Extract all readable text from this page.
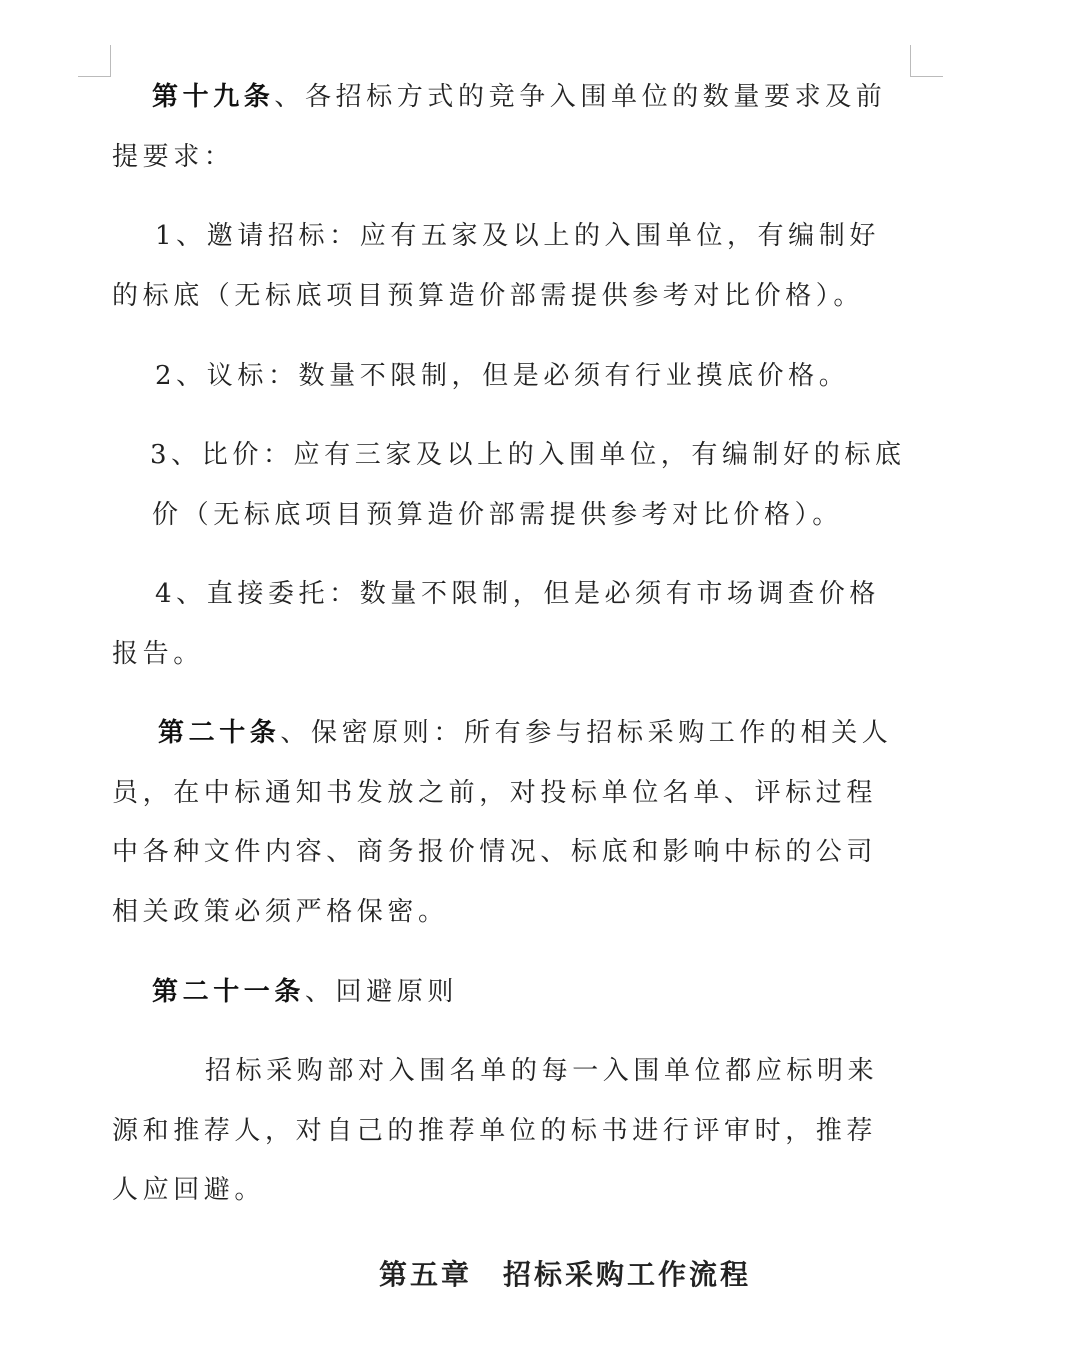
第十九条、各招标方式的竞争入围单位的数量要求及前
提要求：
1、邀请招标：应有五家及以上的入围单位，有编制好
的标底（无标底项目预算造价部需提供参考对比价格）。
2、议标：数量不限制，但是必须有行业摸底价格。
3、比价：应有三家及以上的入围单位，有编制好的标底
价（无标底项目预算造价部需提供参考对比价格）。
4、直接委托：数量不限制，但是必须有市场调查价格
报告。
第二十条、保密原则：所有参与招标采购工作的相关人
员，在中标通知书发放之前，对投标单位名单、评标过程
中各种文件内容、商务报价情况、标底和影响中标的公司
相关政策必须严格保密。
第二十一条、回避原则
招标采购部对入围名单的每一入围单位都应标明来
源和推荐人，对自己的推荐单位的标书进行评审时，推荐
人应回避。
第五章　招标采购工作流程
